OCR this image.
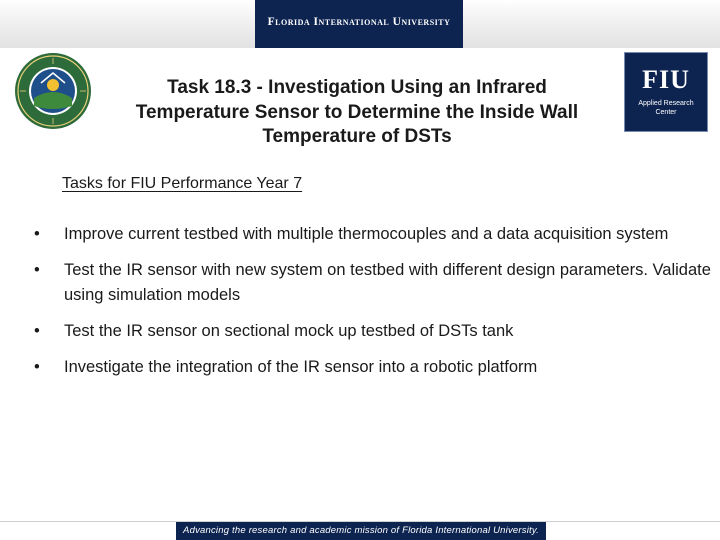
Florida International University
FIU
Applied Research
Center
Task 18.3 - Investigation Using an Infrared
Temperature Sensor to Determine the Inside Wall
Temperature of DSTs
Tasks for FIU Performance Year 7
• Improve current testbed with multiple thermocouples and a data acquisition system
• Test the IR sensor with new system on testbed with different design parameters. Validate using simulation models
• Test the IR sensor on sectional mock up testbed of DSTs tank
• Investigate the integration of the IR sensor into a robotic platform
Advancing the research and academic mission of Florida International University.
